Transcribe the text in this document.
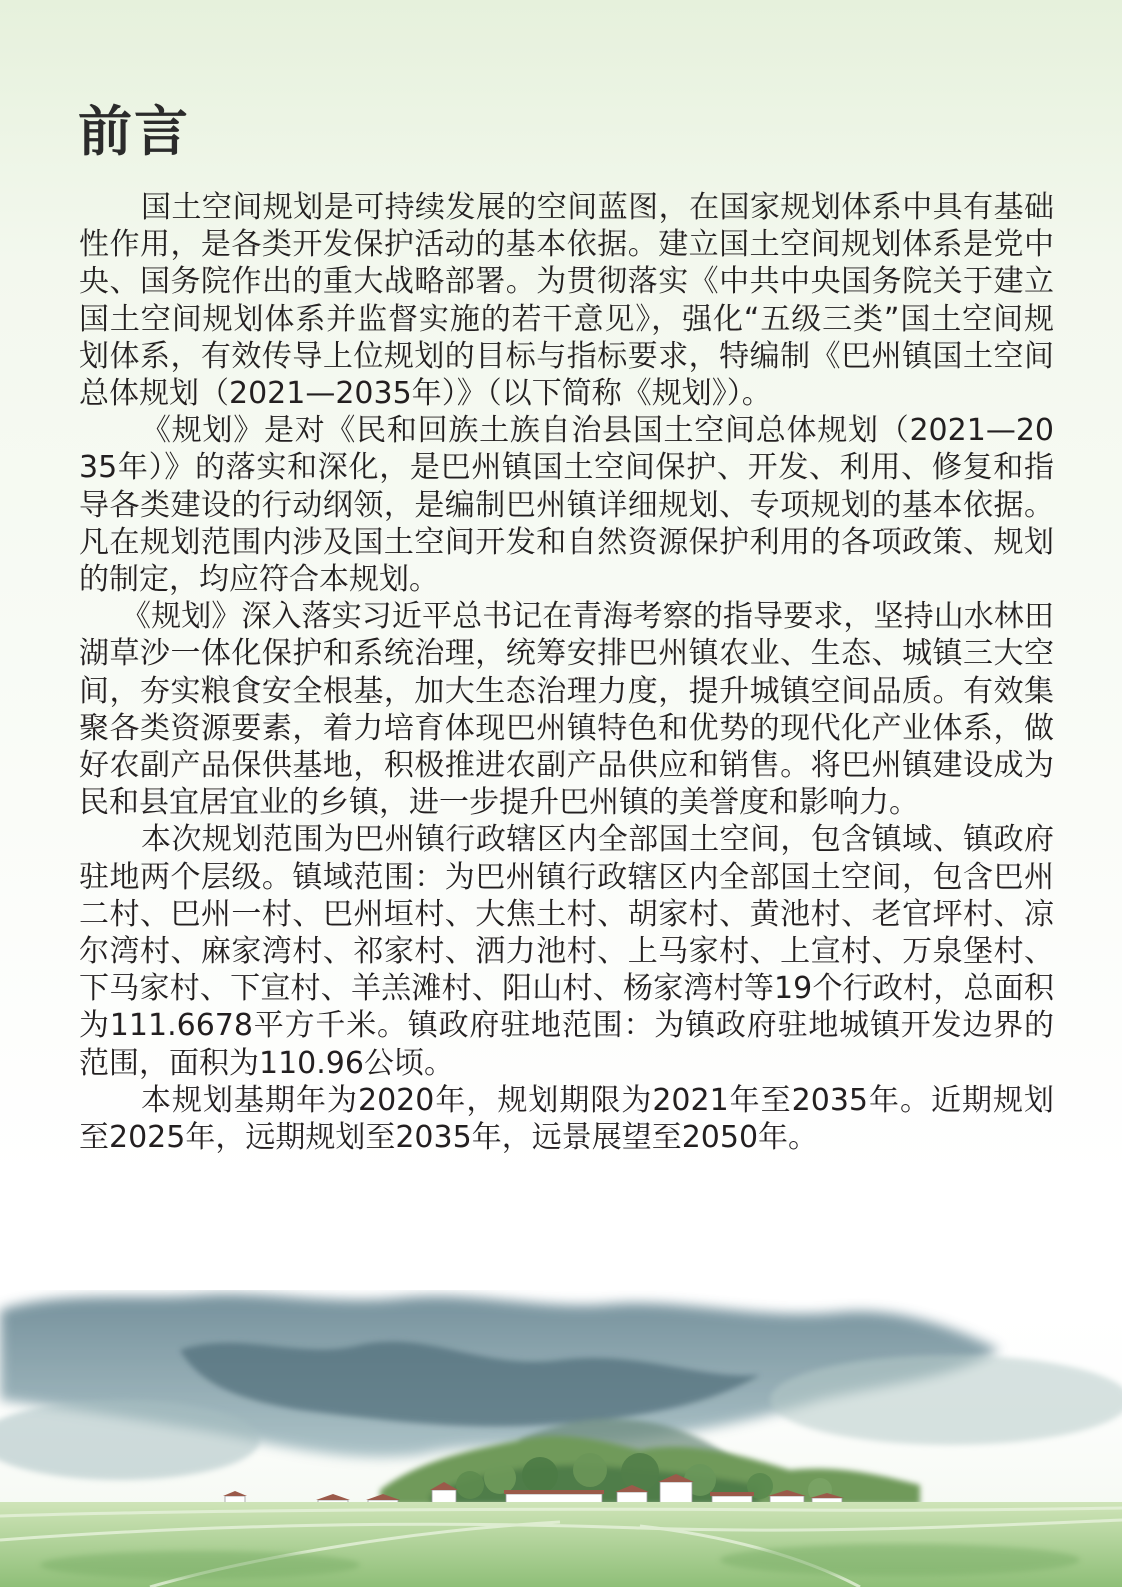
前言

国土空间规划是可持续发展的空间蓝图，在国家规划体系中具有基础性作用，是各类开发保护活动的基本依据。建立国土空间规划体系是党中央、国务院作出的重大战略部署。为贯彻落实《中共中央国务院关于建立国土空间规划体系并监督实施的若干意见》，强化“五级三类”国土空间规划体系，有效传导上位规划的目标与指标要求，特编制《巴州镇国土空间总体规划（2021—2035年）》（以下简称《规划》）。

《规划》是对《民和回族土族自治县国土空间总体规划（2021—2035年）》的落实和深化，是巴州镇国土空间保护、开发、利用、修复和指导各类建设的行动纲领，是编制巴州镇详细规划、专项规划的基本依据。凡在规划范围内涉及国土空间开发和自然资源保护利用的各项政策、规划的制定，均应符合本规划。

《规划》深入落实习近平总书记在青海考察的指导要求，坚持山水林田湖草沙一体化保护和系统治理，统筹安排巴州镇农业、生态、城镇三大空间，夯实粮食安全根基，加大生态治理力度，提升城镇空间品质。有效集聚各类资源要素，着力培育体现巴州镇特色和优势的现代化产业体系，做好农副产品保供基地，积极推进农副产品供应和销售。将巴州镇建设成为民和县宜居宜业的乡镇，进一步提升巴州镇的美誉度和影响力。

本次规划范围为巴州镇行政辖区内全部国土空间，包含镇域、镇政府驻地两个层级。镇域范围：为巴州镇行政辖区内全部国土空间，包含巴州二村、巴州一村、巴州垣村、大焦土村、胡家村、黄池村、老官坪村、凉尔湾村、麻家湾村、祁家村、洒力池村、上马家村、上宣村、万泉堡村、下马家村、下宣村、羊羔滩村、阳山村、杨家湾村等19个行政村，总面积为111.6678平方千米。镇政府驻地范围：为镇政府驻地城镇开发边界的范围，面积为110.96公顷。

本规划基期年为2020年，规划期限为2021年至2035年。近期规划至2025年，远期规划至2035年，远景展望至2050年。
